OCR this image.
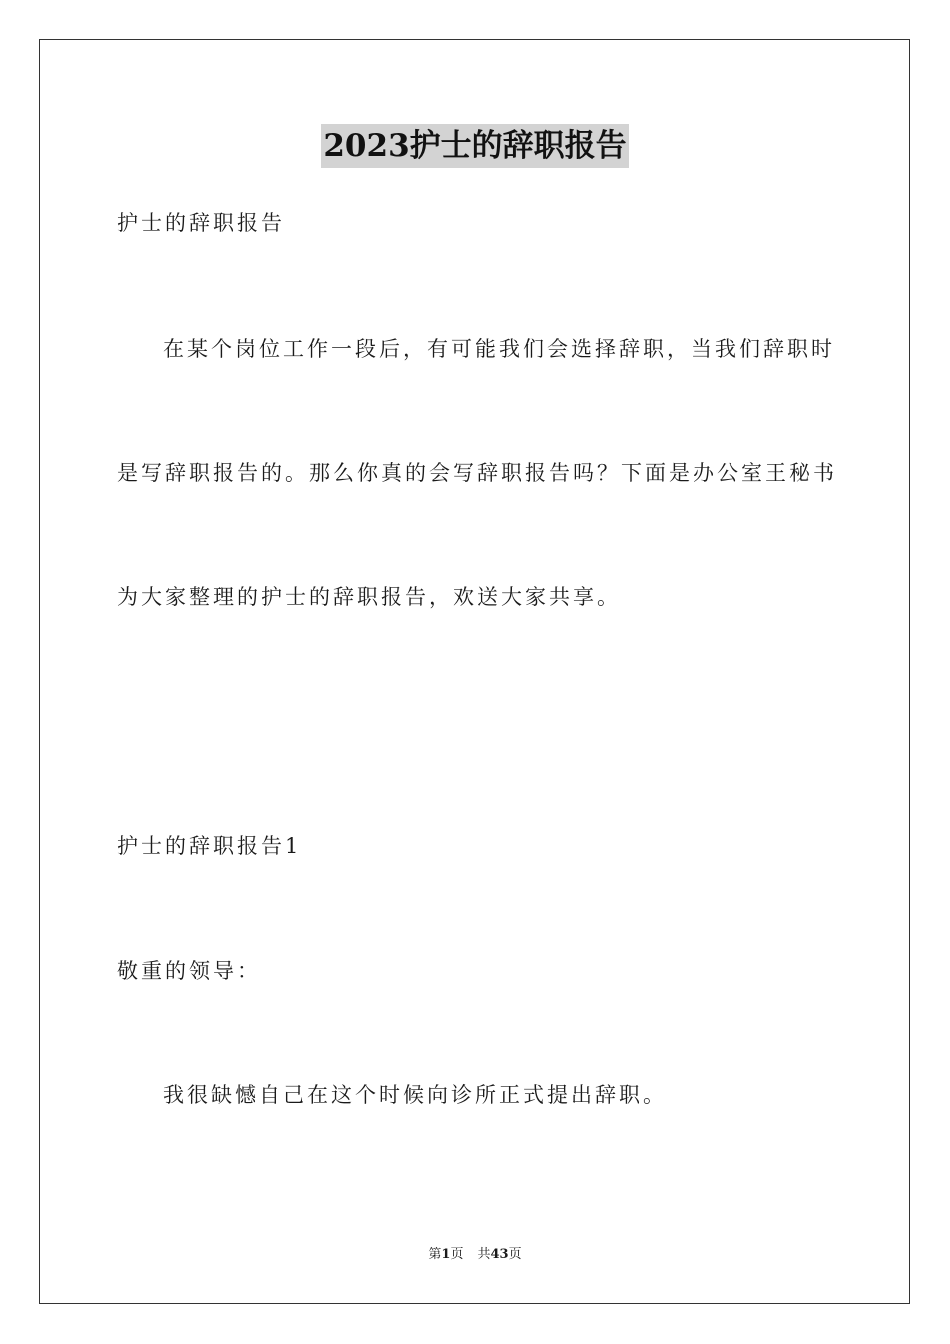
2023护士的辞职报告
护士的辞职报告
在某个岗位工作一段后，有可能我们会选择辞职，当我们辞职时
是写辞职报告的。那么你真的会写辞职报告吗？下面是办公室王秘书
为大家整理的护士的辞职报告，欢送大家共享。
护士的辞职报告1
敬重的领导：
我很缺憾自己在这个时候向诊所正式提出辞职。
第1页 共43页
